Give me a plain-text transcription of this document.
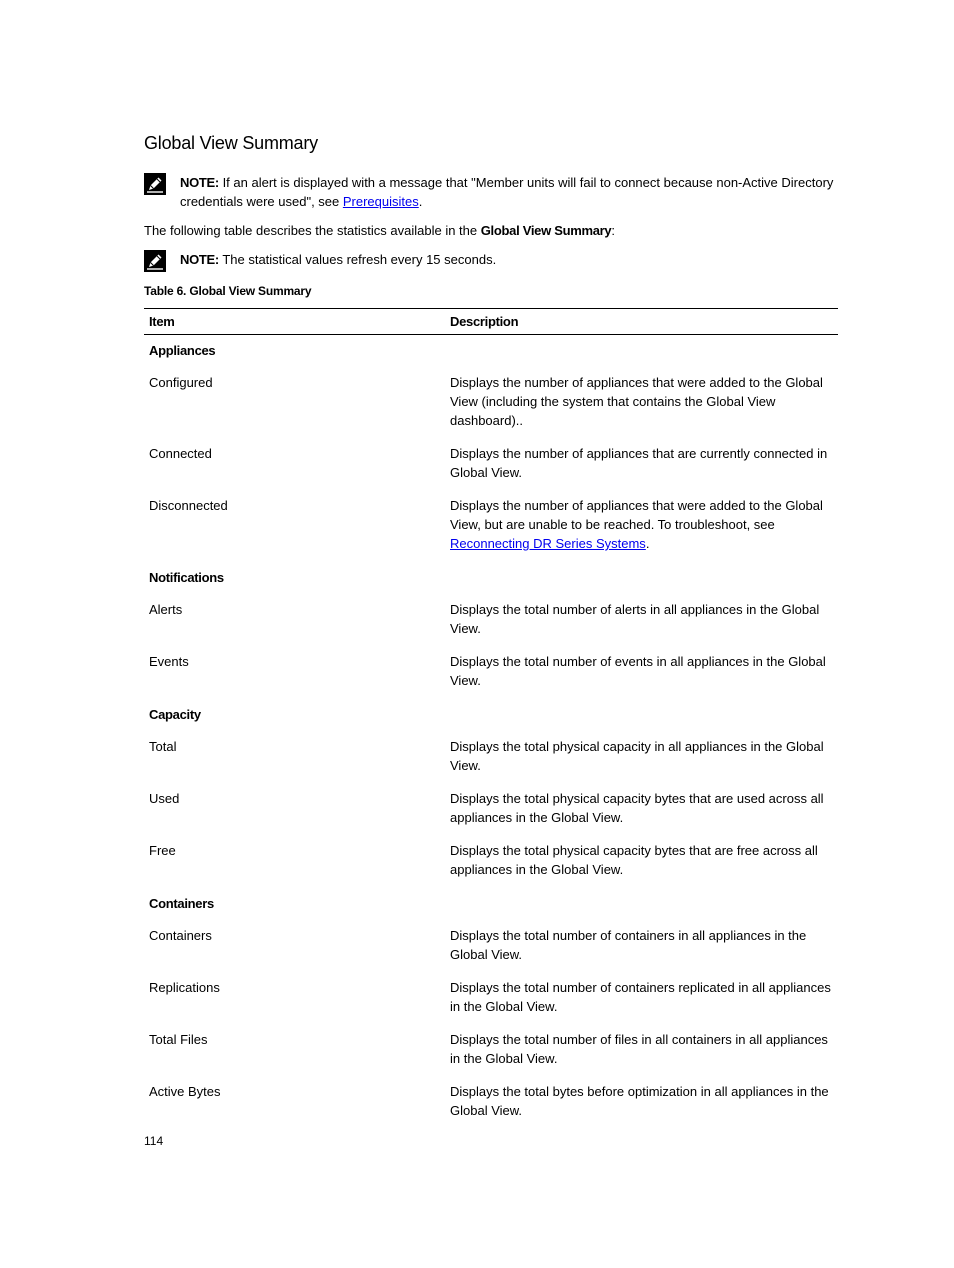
Global View Summary
NOTE: If an alert is displayed with a message that "Member units will fail to connect because non-Active Directory credentials were used", see Prerequisites.
The following table describes the statistics available in the Global View Summary:
NOTE: The statistical values refresh every 15 seconds.
Table 6. Global View Summary
Item	Description
Appliances	
Configured	Displays the number of appliances that were added to the Global View (including the system that contains the Global View dashboard)..
Connected	Displays the number of appliances that are currently connected in Global View.
Disconnected	Displays the number of appliances that were added to the Global View, but are unable to be reached. To troubleshoot, see Reconnecting DR Series Systems.
Notifications	
Alerts	Displays the total number of alerts in all appliances in the Global View.
Events	Displays the total number of events in all appliances in the Global View.
Capacity	
Total	Displays the total physical capacity in all appliances in the Global View.
Used	Displays the total physical capacity bytes that are used across all appliances in the Global View.
Free	Displays the total physical capacity bytes that are free across all appliances in the Global View.
Containers	
Containers	Displays the total number of containers in all appliances in the Global View.
Replications	Displays the total number of containers replicated in all appliances in the Global View.
Total Files	Displays the total number of files in all containers in all appliances in the Global View.
Active Bytes	Displays the total bytes before optimization in all appliances in the Global View.
114
